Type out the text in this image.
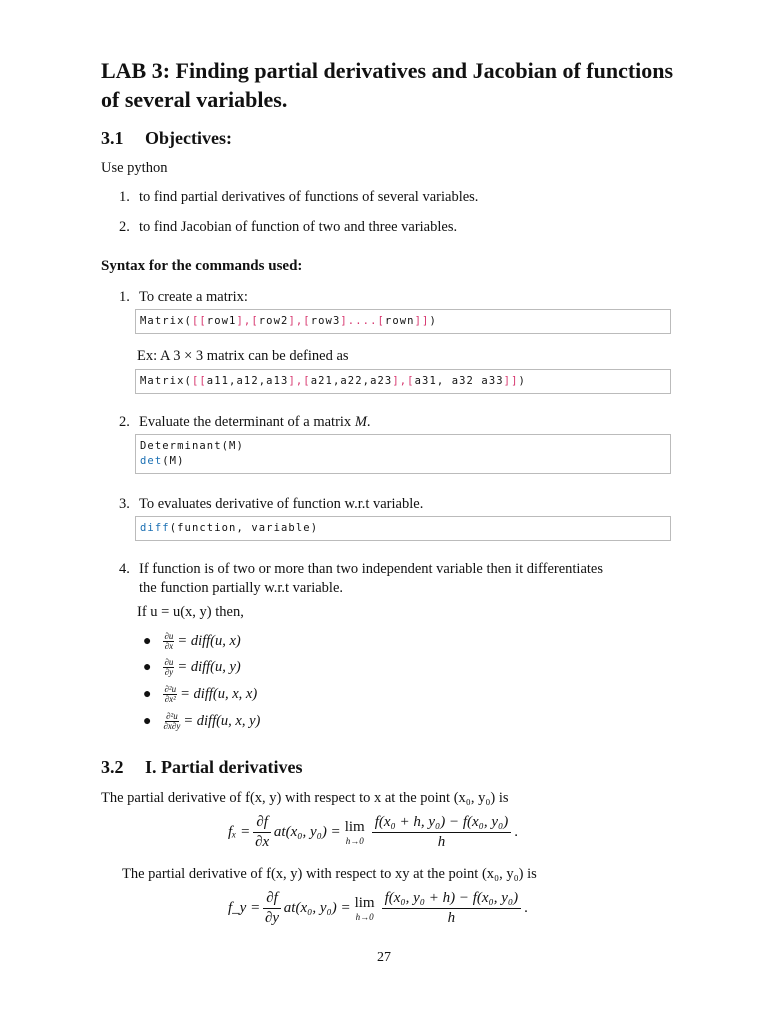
LAB 3: Finding partial derivatives and Jacobian of functions of several variables.
3.1 Objectives:
Use python
1. to find partial derivatives of functions of several variables.
2. to find Jacobian of function of two and three variables.
Syntax for the commands used:
1. To create a matrix:
Matrix([[row1],[row2],[row3]....[rown]])
Ex: A 3 × 3 matrix can be defined as
Matrix([[a11,a12,a13],[a21,a22,a23],[a31, a32 a33]])
2. Evaluate the determinant of a matrix M.
Determinant(M)
det(M)
3. To evaluates derivative of function w.r.t variable.
diff(function, variable)
4. If function is of two or more than two independent variable then it differentiates
the function partially w.r.t variable.
If u = u(x, y) then,
● $\frac{\partial u}{\partial x}$ = diff(u, x)
● $\frac{\partial u}{\partial y}$ = diff(u, y)
● $\frac{\text{∂²u}}{\text{∂x²}}$ = diff(u, x, x)
● $\frac{\text{∂²u}}{\partial x\partial y}$ = diff(u, x, y)
3.2 I. Partial derivatives
The partial derivative of f(x, y) with respect to x at the point (x₀, y₀) is
$f_x = \frac{\partial f}{\partial x} at(x_0$, y₀) = lim
h→0
f(x₀ + h, y₀) − f(x₀, y₀)
h
.
The partial derivative of f(x, y) with respect to xy at the point (x₀, y₀) is
f_y = $\frac{\partial f}{\partial y} at(x_0$, y₀) = lim
h→0
f(x₀, y₀ + h) − f(x₀, y₀)
h
.
27
